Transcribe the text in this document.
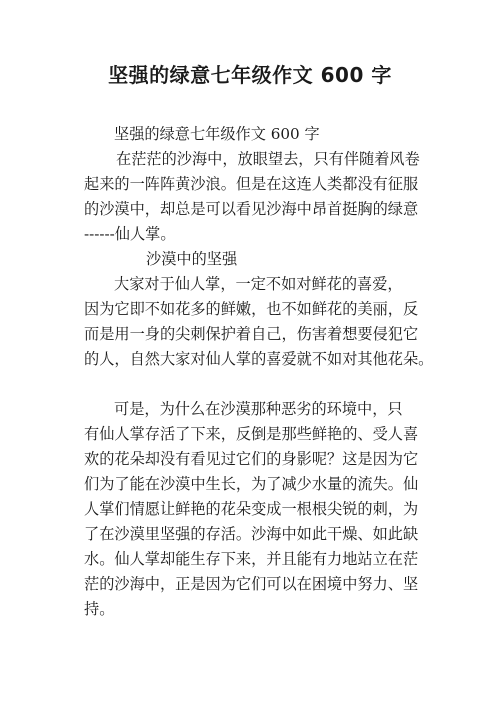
坚强的绿意七年级作文 600 字
坚强的绿意七年级作文 600 字
在茫茫的沙海中，放眼望去，只有伴随着风卷
起来的一阵阵黄沙浪。但是在这连人类都没有征服
的沙漠中，却总是可以看见沙海中昂首挺胸的绿意
------仙人掌。
沙漠中的坚强
大家对于仙人掌，一定不如对鲜花的喜爱，
因为它即不如花多的鲜嫩，也不如鲜花的美丽，反
而是用一身的尖刺保护着自己，伤害着想要侵犯它
的人，自然大家对仙人掌的喜爱就不如对其他花朵。
可是，为什么在沙漠那种恶劣的环境中，只
有仙人掌存活了下来，反倒是那些鲜艳的、受人喜
欢的花朵却没有看见过它们的身影呢？这是因为它
们为了能在沙漠中生长，为了减少水量的流失。仙
人掌们情愿让鲜艳的花朵变成一根根尖锐的刺，为
了在沙漠里坚强的存活。沙海中如此干燥、如此缺
水。仙人掌却能生存下来，并且能有力地站立在茫
茫的沙海中，正是因为它们可以在困境中努力、坚
持。
